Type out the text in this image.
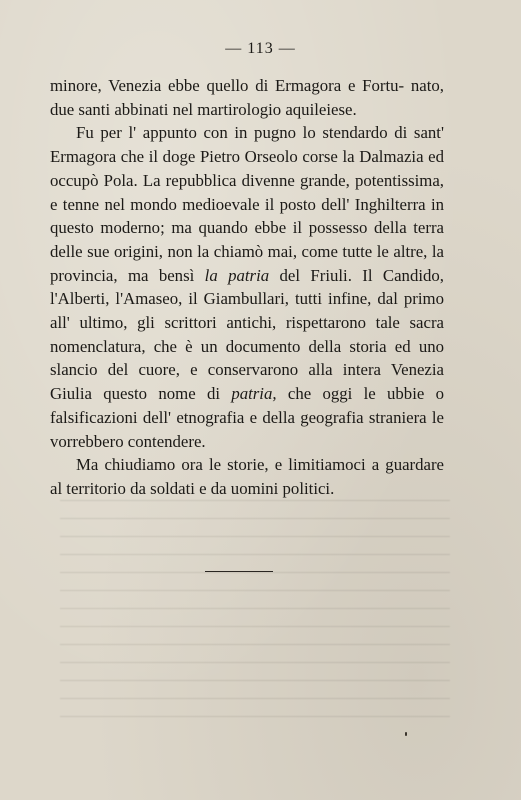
— 113 —

minore, Venezia ebbe quello di Ermagora e Fortu- nato, due santi abbinati nel martirologio aquileiese.

Fu per l' appunto con in pugno lo stendardo di sant' Ermagora che il doge Pietro Orseolo corse la Dalmazia ed occupò Pola. La repubblica divenne grande, potentissima, e tenne nel mondo medioevale il posto dell' Inghilterra in questo moderno; ma quando ebbe il possesso della terra delle sue origini, non la chiamò mai, come tutte le altre, la provincia, ma bensì la patria del Friuli. Il Candido, l'Alberti, l'Amaseo, il Giambullari, tutti infine, dal primo all' ultimo, gli scrittori antichi, rispettarono tale sacra nomenclatura, che è un documento della storia ed uno slancio del cuore, e conservarono alla intera Venezia Giulia questo nome di patria, che oggi le ubbie o falsificazioni dell' etnografia e della geografia straniera le vorrebbero contendere.

Ma chiudiamo ora le storie, e limitiamoci a guardare al territorio da soldati e da uomini politici.
